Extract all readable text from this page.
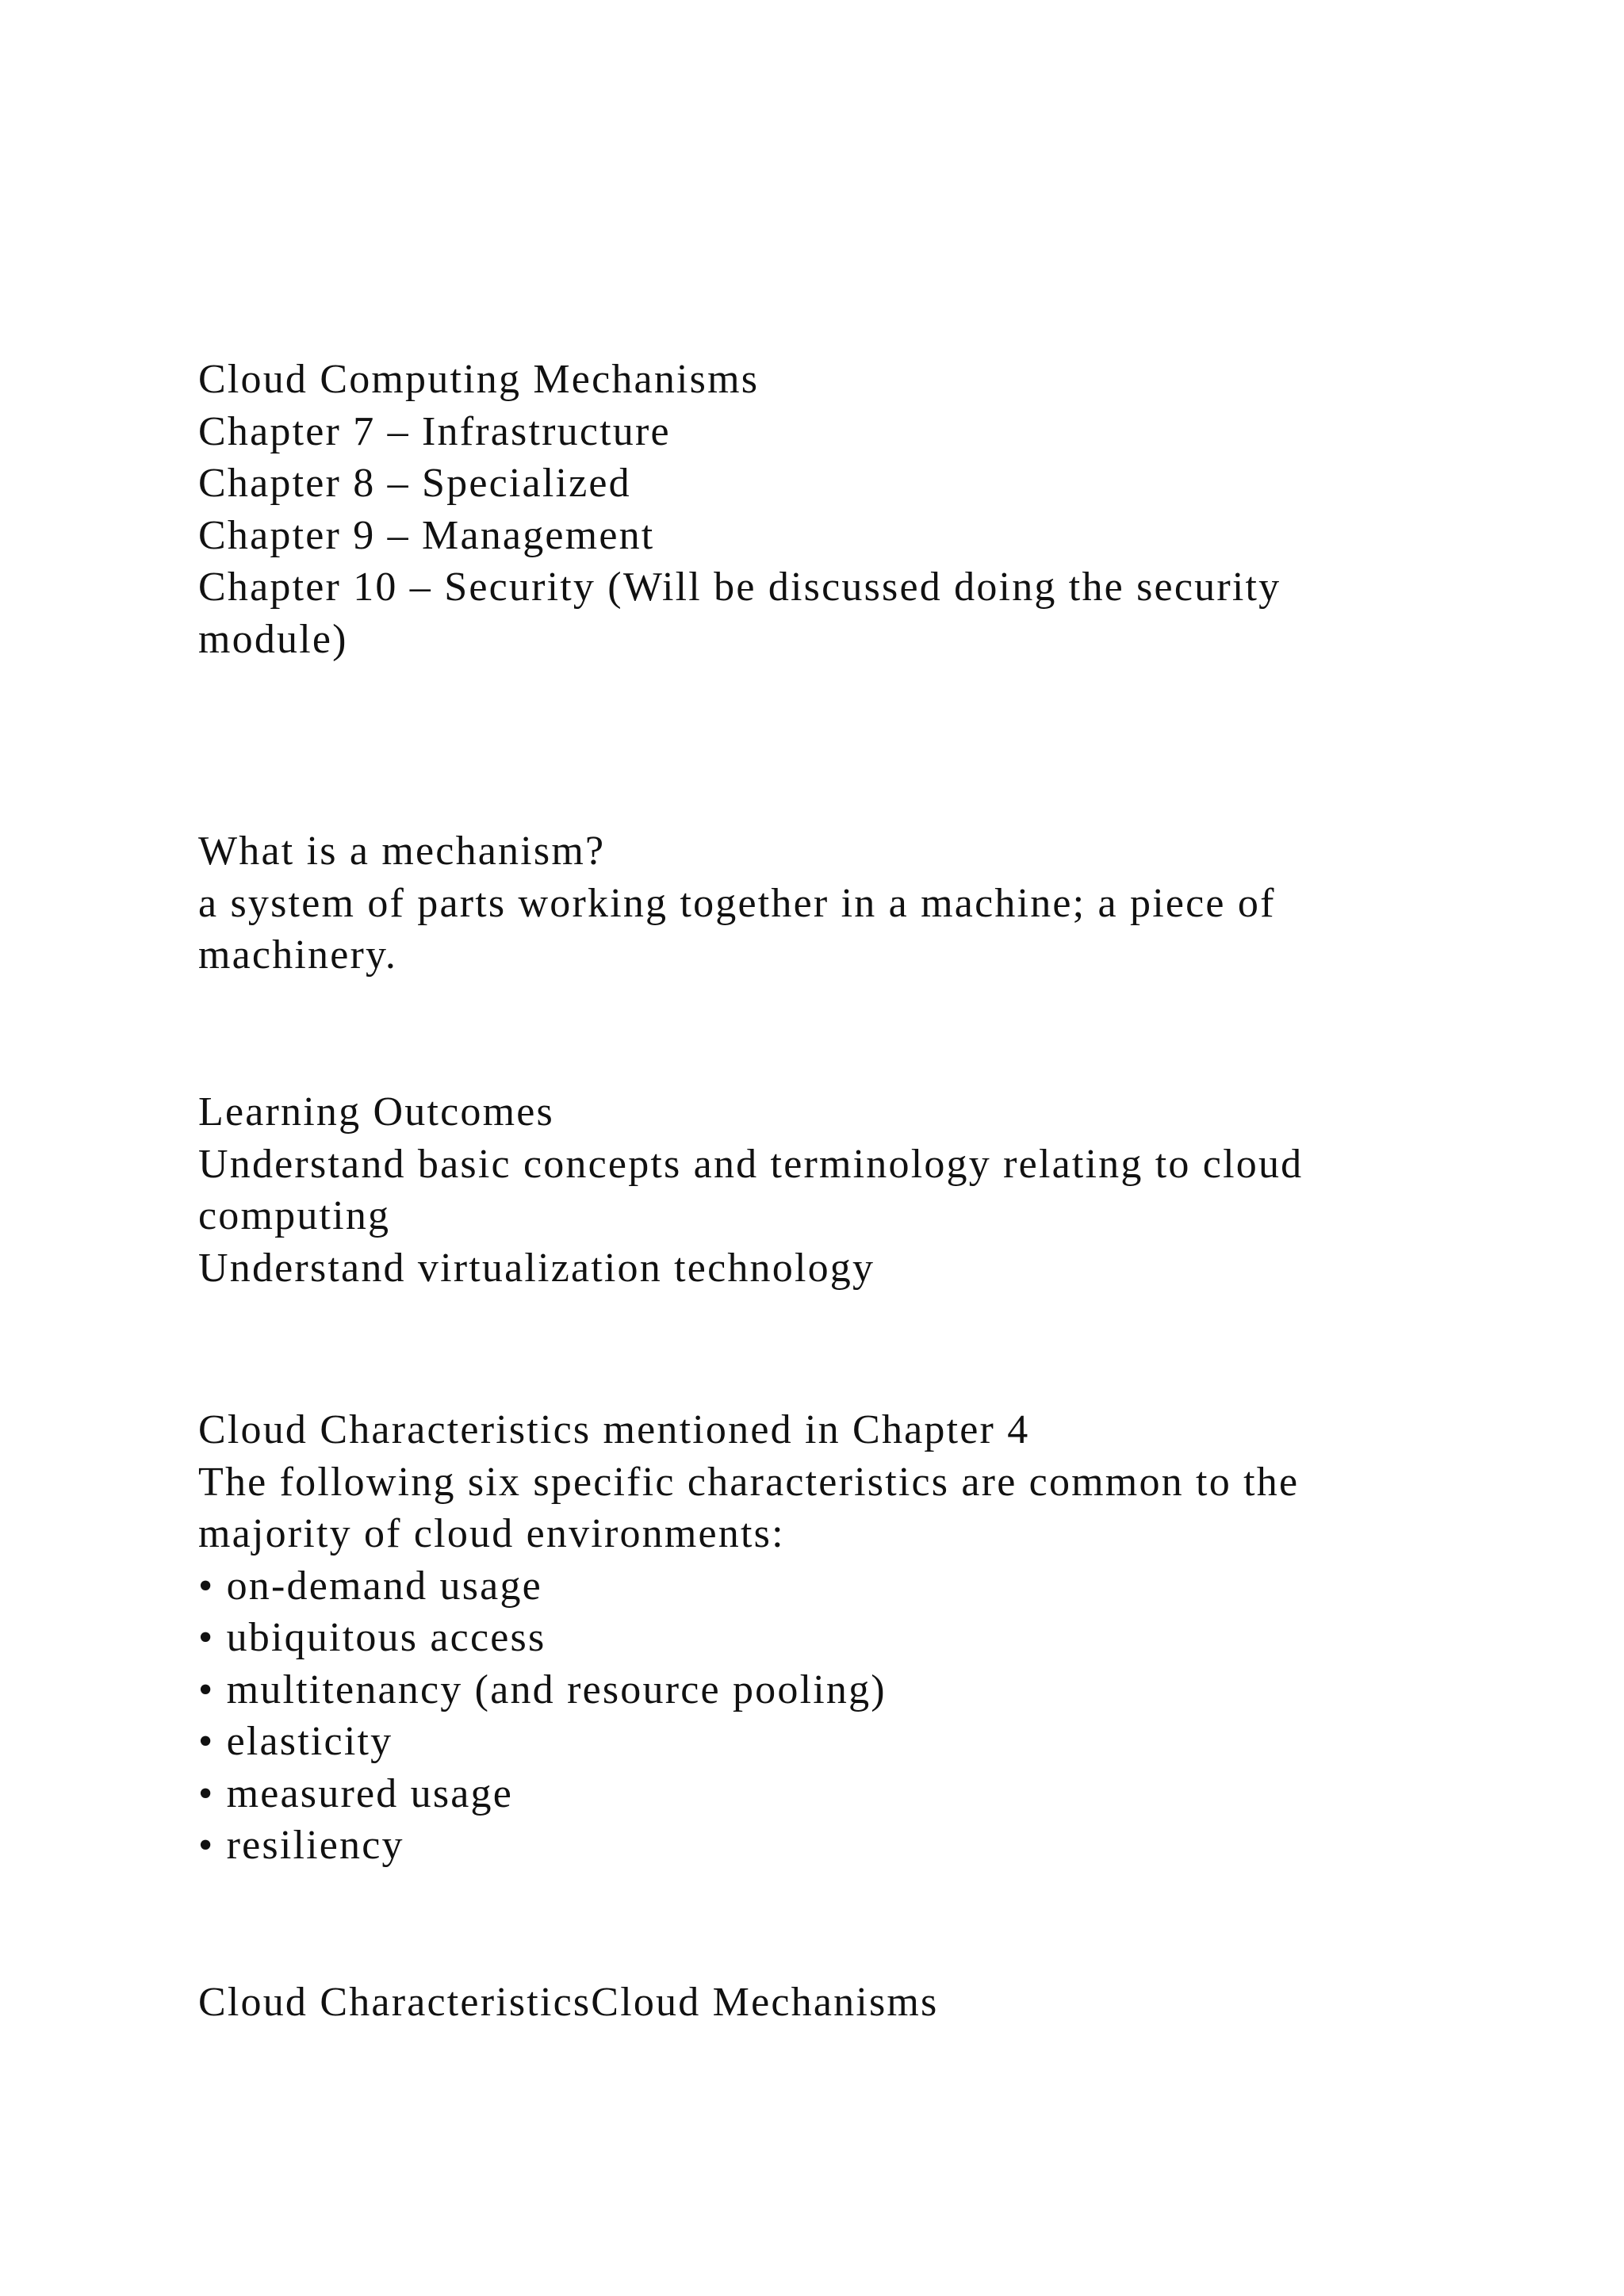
Cloud Computing Mechanisms
Chapter 7 – Infrastructure
Chapter 8 – Specialized
Chapter 9 – Management
Chapter 10 – Security (Will be discussed doing the security
module)
What is a mechanism?
a system of parts working together in a machine; a piece of
machinery.
Learning Outcomes
Understand basic concepts and terminology relating to cloud
computing
Understand virtualization technology
Cloud Characteristics mentioned in Chapter 4
The following six specific characteristics are common to the
majority of cloud environments:
• on-demand usage
• ubiquitous access
• multitenancy (and resource pooling)
• elasticity
• measured usage
• resiliency
Cloud CharacteristicsCloud Mechanisms
